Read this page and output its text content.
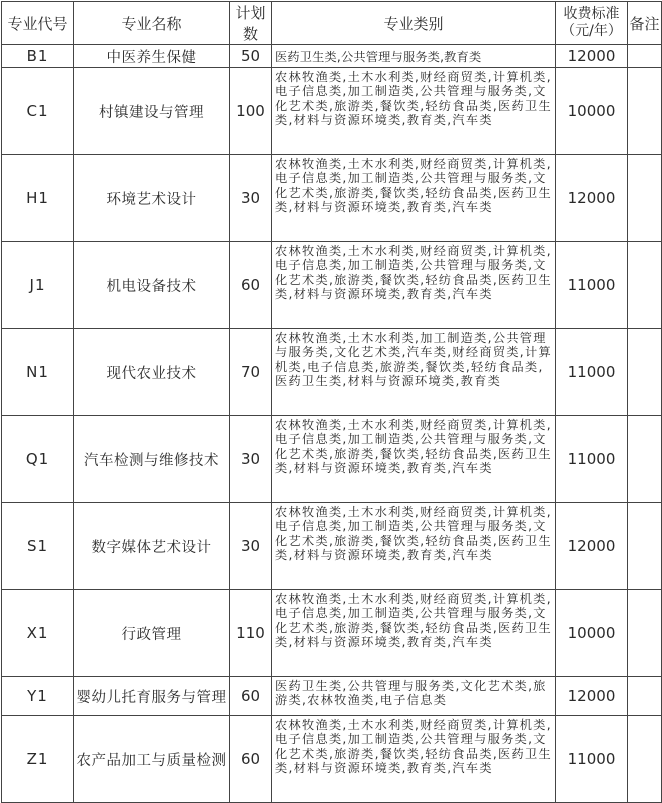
专业代号	专业名称	计划数	专业类别	收费标准
（元/年）	备注
B1	中医养生保健	50	医药卫生类,公共管理与服务类,教育类	12000	
C1	村镇建设与管理	100	农林牧渔类,土木水利类,财经商贸类,计算机类,电子信息类,加工制造类,公共管理与服务类,文化艺术类,旅游类,餐饮类,轻纺食品类,医药卫生类,材料与资源环境类,教育类,汽车类	10000	
H1	环境艺术设计	30	农林牧渔类,土木水利类,财经商贸类,计算机类,电子信息类,加工制造类,公共管理与服务类,文化艺术类,旅游类,餐饮类,轻纺食品类,医药卫生类,材料与资源环境类,教育类,汽车类	12000	
J1	机电设备技术	60	农林牧渔类,土木水利类,财经商贸类,计算机类,电子信息类,加工制造类,公共管理与服务类,文化艺术类,旅游类,餐饮类,轻纺食品类,医药卫生类,材料与资源环境类,教育类,汽车类	11000	
N1	现代农业技术	70	农林牧渔类,土木水利类,加工制造类,公共管理与服务类,文化艺术类,汽车类,财经商贸类,计算机类,电子信息类,旅游类,餐饮类,轻纺食品类,医药卫生类,材料与资源环境类,教育类	11000	
Q1	汽车检测与维修技术	30	农林牧渔类,土木水利类,财经商贸类,计算机类,电子信息类,加工制造类,公共管理与服务类,文化艺术类,旅游类,餐饮类,轻纺食品类,医药卫生类,材料与资源环境类,教育类,汽车类	11000	
S1	数字媒体艺术设计	30	农林牧渔类,土木水利类,财经商贸类,计算机类,电子信息类,加工制造类,公共管理与服务类,文化艺术类,旅游类,餐饮类,轻纺食品类,医药卫生类,材料与资源环境类,教育类,汽车类	12000	
X1	行政管理	110	农林牧渔类,土木水利类,财经商贸类,计算机类,电子信息类,加工制造类,公共管理与服务类,文化艺术类,旅游类,餐饮类,轻纺食品类,医药卫生类,材料与资源环境类,教育类,汽车类	10000	
Y1	婴幼儿托育服务与管理	60	医药卫生类,公共管理与服务类,文化艺术类,旅游类,农林牧渔类,电子信息类	12000	
Z1	农产品加工与质量检测	60	农林牧渔类,土木水利类,财经商贸类,计算机类,电子信息类,加工制造类,公共管理与服务类,文化艺术类,旅游类,餐饮类,轻纺食品类,医药卫生类,材料与资源环境类,教育类,汽车类	11000	
